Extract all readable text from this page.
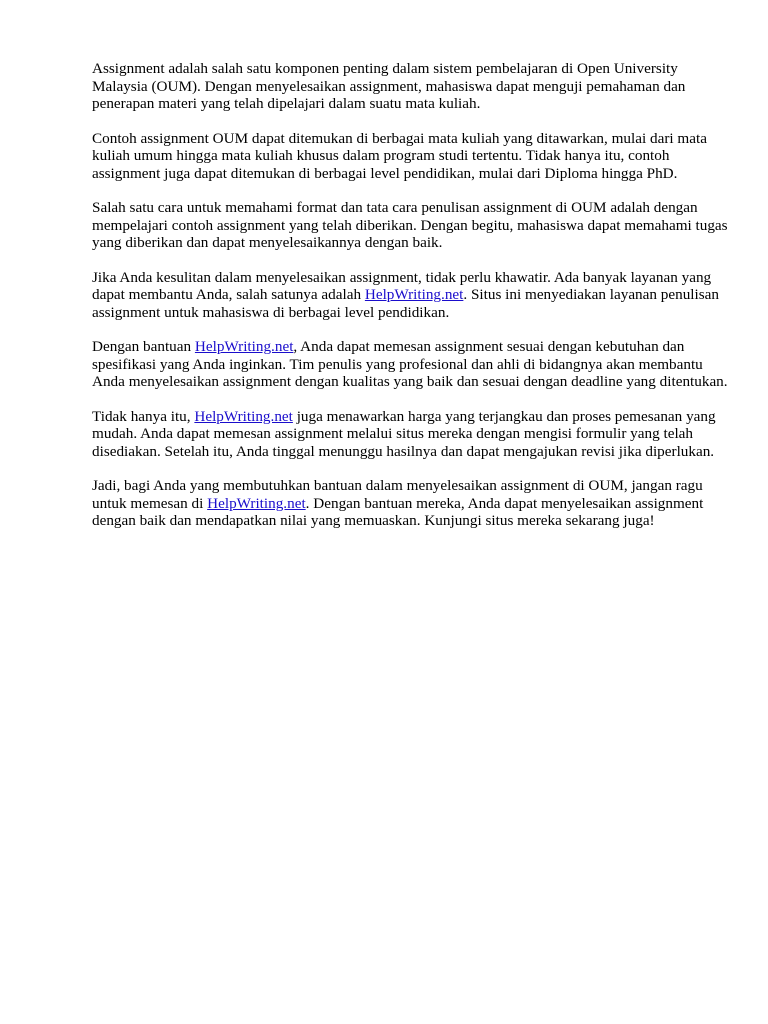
Assignment adalah salah satu komponen penting dalam sistem pembelajaran di Open University Malaysia (OUM). Dengan menyelesaikan assignment, mahasiswa dapat menguji pemahaman dan penerapan materi yang telah dipelajari dalam suatu mata kuliah.

Contoh assignment OUM dapat ditemukan di berbagai mata kuliah yang ditawarkan, mulai dari mata kuliah umum hingga mata kuliah khusus dalam program studi tertentu. Tidak hanya itu, contoh assignment juga dapat ditemukan di berbagai level pendidikan, mulai dari Diploma hingga PhD.

Salah satu cara untuk memahami format dan tata cara penulisan assignment di OUM adalah dengan mempelajari contoh assignment yang telah diberikan. Dengan begitu, mahasiswa dapat memahami tugas yang diberikan dan dapat menyelesaikannya dengan baik.

Jika Anda kesulitan dalam menyelesaikan assignment, tidak perlu khawatir. Ada banyak layanan yang dapat membantu Anda, salah satunya adalah HelpWriting.net. Situs ini menyediakan layanan penulisan assignment untuk mahasiswa di berbagai level pendidikan.

Dengan bantuan HelpWriting.net, Anda dapat memesan assignment sesuai dengan kebutuhan dan spesifikasi yang Anda inginkan. Tim penulis yang profesional dan ahli di bidangnya akan membantu Anda menyelesaikan assignment dengan kualitas yang baik dan sesuai dengan deadline yang ditentukan.

Tidak hanya itu, HelpWriting.net juga menawarkan harga yang terjangkau dan proses pemesanan yang mudah. Anda dapat memesan assignment melalui situs mereka dengan mengisi formulir yang telah disediakan. Setelah itu, Anda tinggal menunggu hasilnya dan dapat mengajukan revisi jika diperlukan.

Jadi, bagi Anda yang membutuhkan bantuan dalam menyelesaikan assignment di OUM, jangan ragu untuk memesan di HelpWriting.net. Dengan bantuan mereka, Anda dapat menyelesaikan assignment dengan baik dan mendapatkan nilai yang memuaskan. Kunjungi situs mereka sekarang juga!
